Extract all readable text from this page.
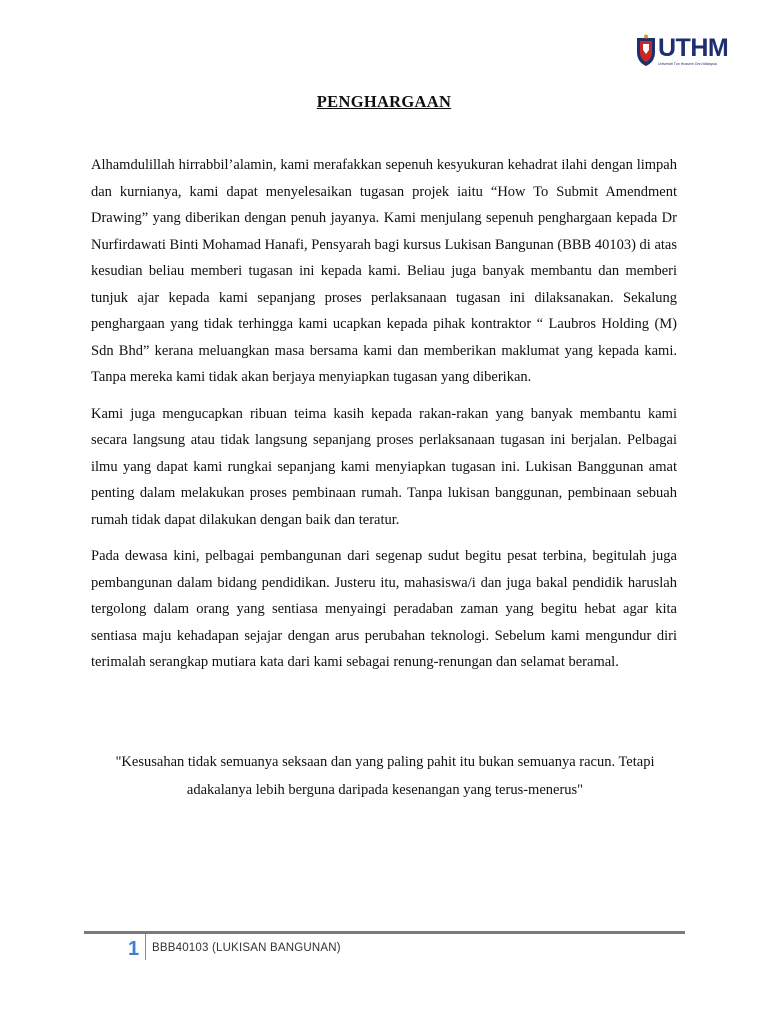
UTHM
Universiti Tun Hussein Onn Malaysia
PENGHARGAAN

Alhamdulillah hirrabbil’alamin, kami merafakkan sepenuh kesyukuran kehadrat ilahi dengan limpah dan kurnianya, kami dapat menyelesaikan tugasan projek iaitu “How To Submit Amendment Drawing” yang diberikan dengan penuh jayanya. Kami menjulang sepenuh penghargaan kepada Dr Nurfirdawati Binti Mohamad Hanafi, Pensyarah bagi kursus Lukisan Bangunan (BBB 40103) di atas kesudian beliau memberi tugasan ini kepada kami. Beliau juga banyak membantu dan memberi tunjuk ajar kepada kami sepanjang proses perlaksanaan tugasan ini dilaksanakan. Sekalung penghargaan yang tidak terhingga kami ucapkan kepada pihak kontraktor “ Laubros Holding (M) Sdn Bhd” kerana meluangkan masa bersama kami dan memberikan maklumat yang kepada kami. Tanpa mereka kami tidak akan berjaya menyiapkan tugasan yang diberikan.

Kami juga mengucapkan ribuan teima kasih kepada rakan-rakan yang banyak membantu kami secara langsung atau tidak langsung sepanjang proses perlaksanaan tugasan ini berjalan. Pelbagai ilmu yang dapat kami rungkai sepanjang kami menyiapkan tugasan ini. Lukisan Banggunan amat penting dalam melakukan proses pembinaan rumah. Tanpa lukisan banggunan, pembinaan sebuah rumah tidak dapat dilakukan dengan baik dan teratur.

Pada dewasa kini, pelbagai pembangunan dari segenap sudut begitu pesat terbina, begitulah juga pembangunan dalam bidang pendidikan. Justeru itu, mahasiswa/i dan juga bakal pendidik haruslah tergolong dalam orang yang sentiasa menyaingi peradaban zaman yang begitu hebat agar kita sentiasa maju kehadapan sejajar dengan arus perubahan teknologi. Sebelum kami mengundur diri terimalah serangkap mutiara kata dari kami sebagai renung-renungan dan selamat beramal.

"Kesusahan tidak semuanya seksaan dan yang paling pahit itu bukan semuanya racun. Tetapi adakalanya lebih berguna daripada kesenangan yang terus-menerus"
1 BBB40103 (LUKISAN BANGUNAN)
